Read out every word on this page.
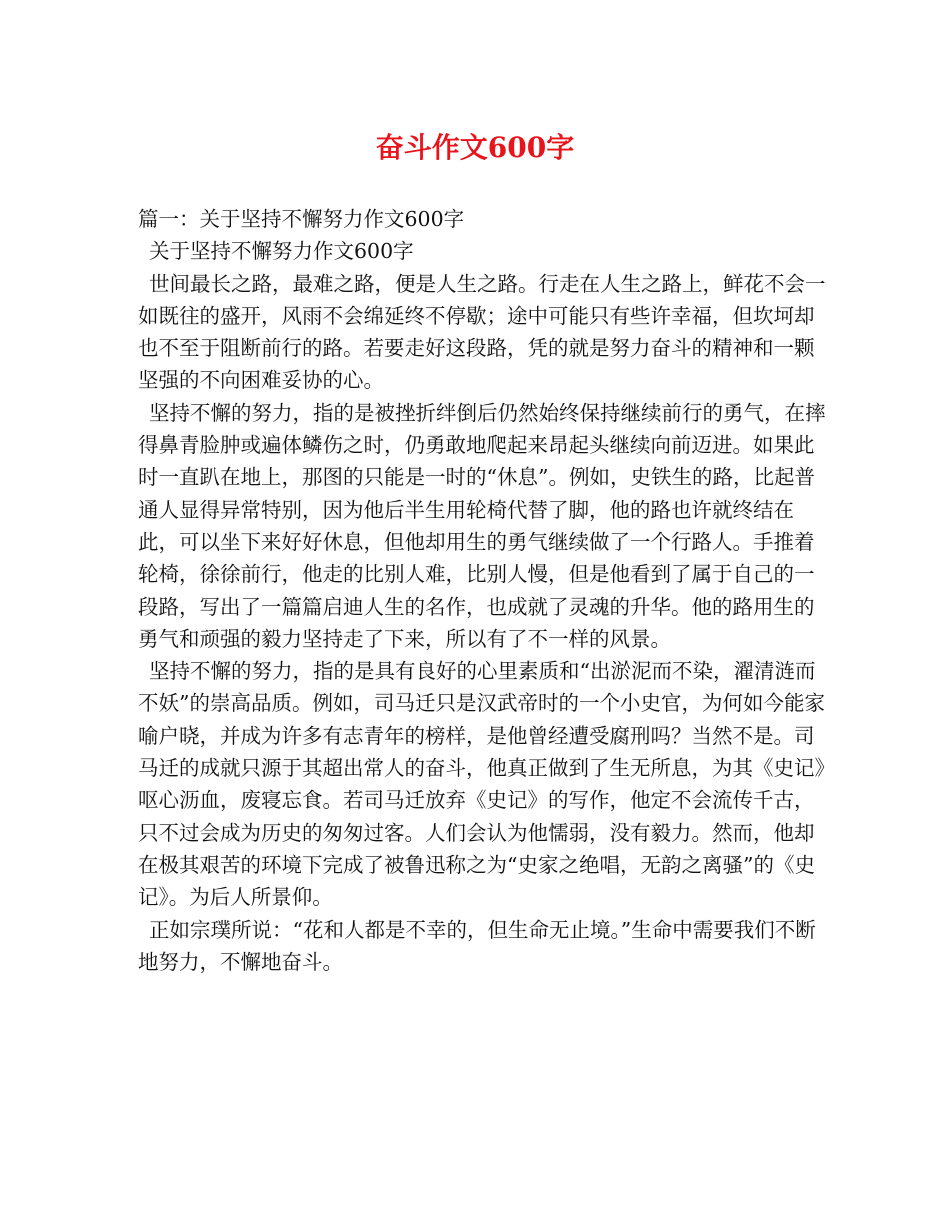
奋斗作文600字

篇一：关于坚持不懈努力作文600字

关于坚持不懈努力作文600字

世间最长之路，最难之路，便是人生之路。行走在人生之路上，鲜花不会一如既往的盛开，风雨不会绵延终不停歇；途中可能只有些许幸福，但坎坷却也不至于阻断前行的路。若要走好这段路，凭的就是努力奋斗的精神和一颗坚强的不向困难妥协的心。

坚持不懈的努力，指的是被挫折绊倒后仍然始终保持继续前行的勇气，在摔得鼻青脸肿或遍体鳞伤之时，仍勇敢地爬起来昂起头继续向前迈进。如果此时一直趴在地上，那图的只能是一时的“休息”。例如，史铁生的路，比起普通人显得异常特别，因为他后半生用轮椅代替了脚，他的路也许就终结在此，可以坐下来好好休息，但他却用生的勇气继续做了一个行路人。手推着轮椅，徐徐前行，他走的比别人难，比别人慢，但是他看到了属于自己的一段路，写出了一篇篇启迪人生的名作，也成就了灵魂的升华。他的路用生的勇气和顽强的毅力坚持走了下来，所以有了不一样的风景。

坚持不懈的努力，指的是具有良好的心里素质和“出淤泥而不染，濯清涟而不妖”的崇高品质。例如，司马迁只是汉武帝时的一个小史官，为何如今能家喻户晓，并成为许多有志青年的榜样，是他曾经遭受腐刑吗？当然不是。司马迁的成就只源于其超出常人的奋斗，他真正做到了生无所息，为其《史记》呕心沥血，废寝忘食。若司马迁放弃《史记》的写作，他定不会流传千古，只不过会成为历史的匆匆过客。人们会认为他懦弱，没有毅力。然而，他却在极其艰苦的环境下完成了被鲁迅称之为“史家之绝唱，无韵之离骚”的《史记》。为后人所景仰。

正如宗璞所说：“花和人都是不幸的，但生命无止境。”生命中需要我们不断地努力，不懈地奋斗。
